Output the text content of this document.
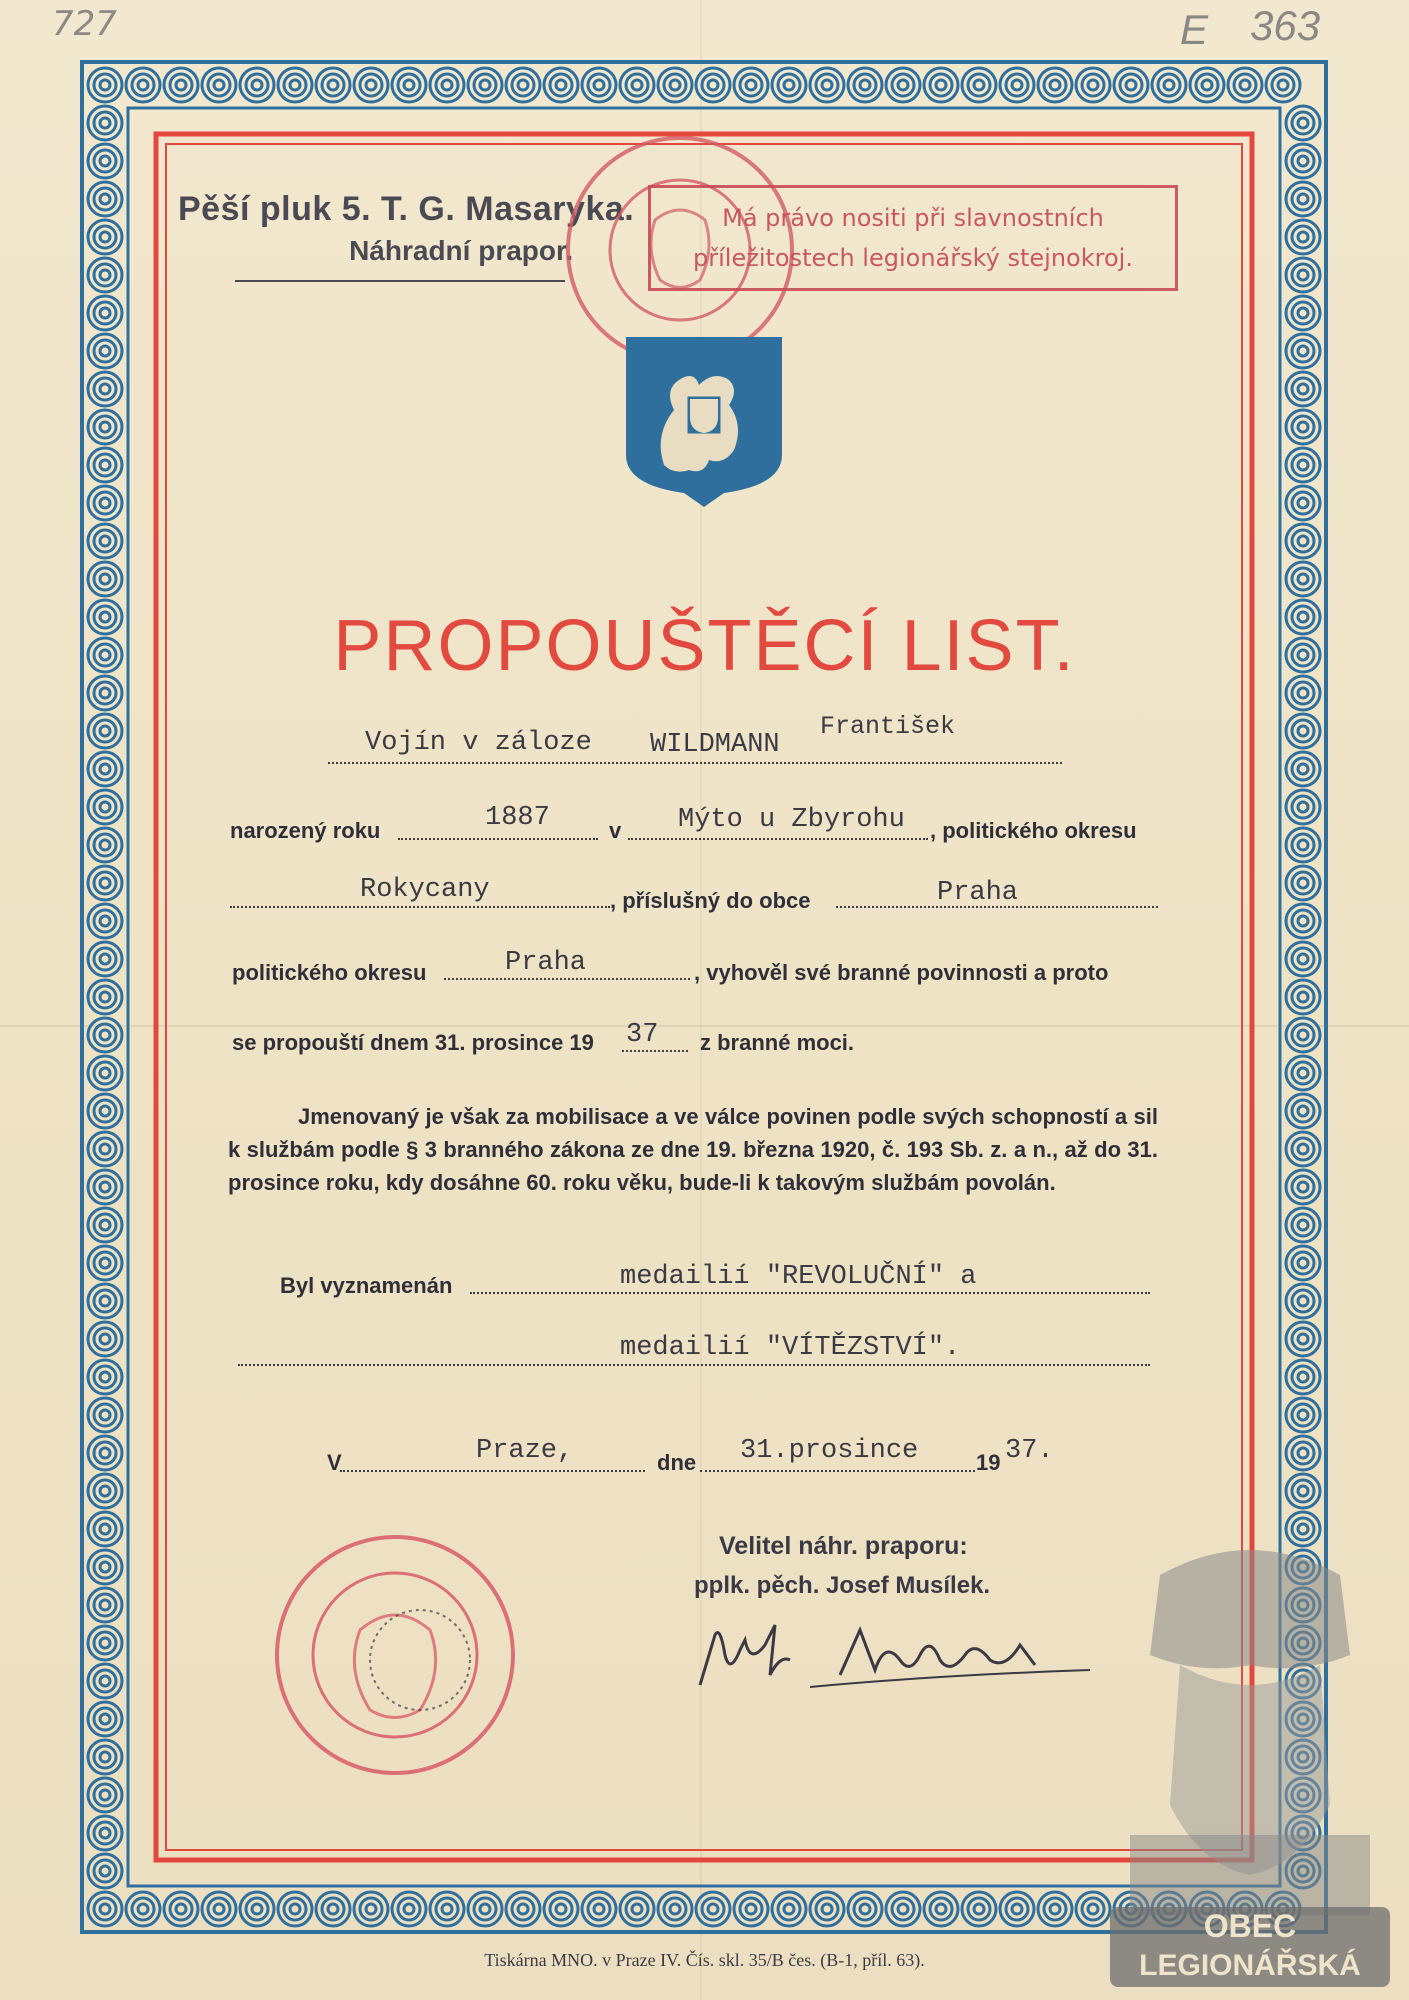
727	E 363
Pěší pluk 5. T. G. Masaryka.
Náhradní prapor.
Má právo nositi při slavnostních
příležitostech legionářský stejnokroj.
PROPOUŠTĚCÍ LIST.
Vojín v záloze WILDMANN
František
narozený roku	1887	v Mýto u Zbyrohu , politického okresu
Rokycany	, příslušný do obce	Praha
politického okresu	Praha	, vyhověl své branné povinnosti a proto
se propouští dnem 31. prosince 19 37 z branné moci.
Jmenovaný je však za mobilisace a ve válce povinen podle svých schopností a sil k službám podle § 3 branného zákona ze dne 19. března 1920, č. 193 Sb. z. a n., až do 31. prosince roku, kdy dosáhne 60. roku věku, bude-li k takovým službám povolán.
Byl vyznamenán	medailií "REVOLUČNÍ" a
medailií "VÍTĚZSTVÍ".
V	Praze,	dne 31.prosince	19 37.
Velitel náhr. praporu:
pplk. pěch. Josef Musílek.
Tiskárna MNO. v Praze IV. Čís. skl. 35/B čes. (B-1, příl. 63).
OBEC
LEGIONÁŘSKÁ
